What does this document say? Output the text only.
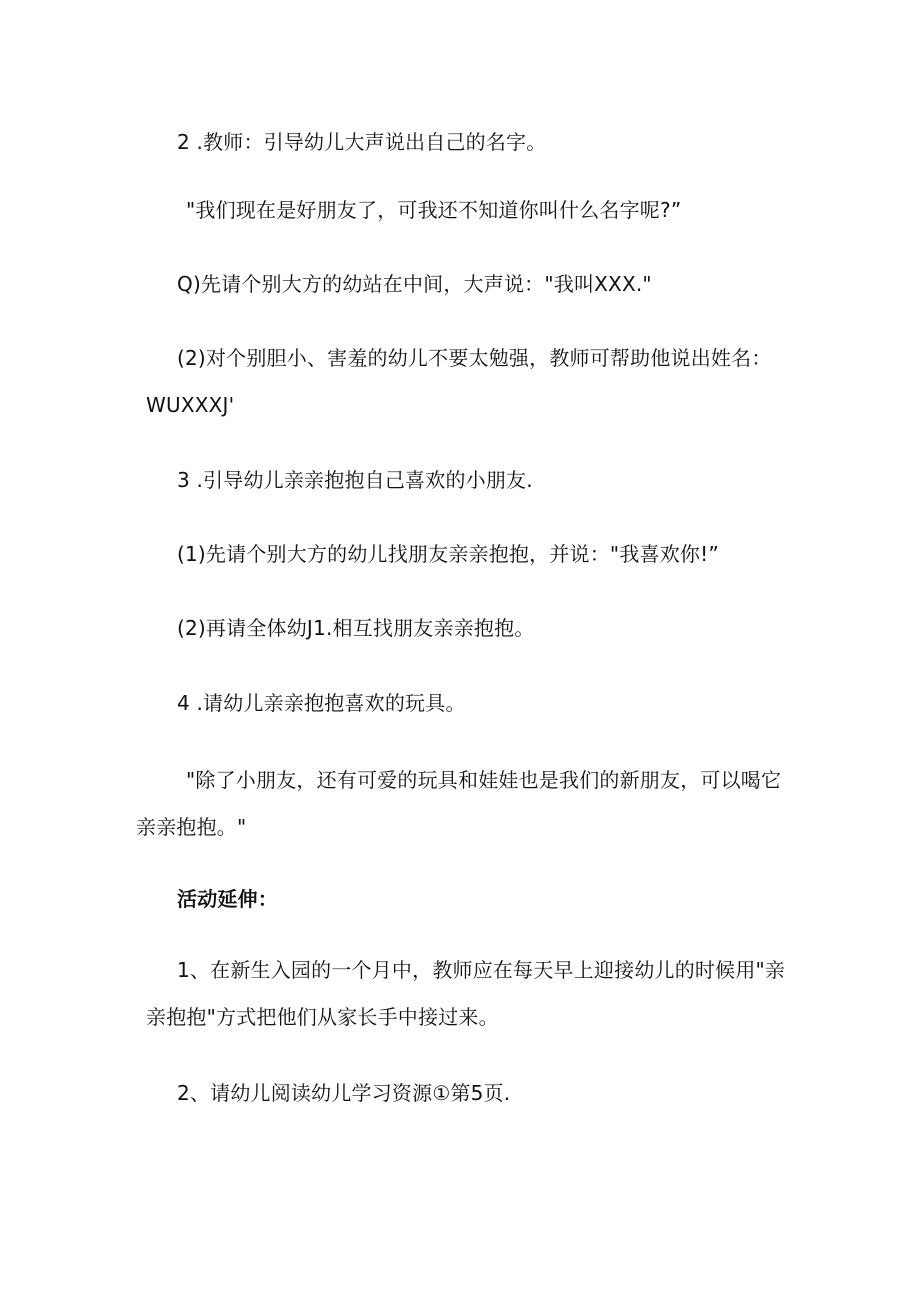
2 .教师：引导幼儿大声说出自己的名字。
"我们现在是好朋友了，可我还不知道你叫什么名字呢?”
Q)先请个别大方的幼站在中间，大声说："我叫XXX."
(2)对个别胆小、害羞的幼儿不要太勉强，教师可帮助他说出姓名：
WUXXXJ'
3 .引导幼儿亲亲抱抱自己喜欢的小朋友.
(1)先请个别大方的幼儿找朋友亲亲抱抱，并说："我喜欢你!”
(2)再请全体幼J1.相互找朋友亲亲抱抱。
4 .请幼儿亲亲抱抱喜欢的玩具。
"除了小朋友，还有可爱的玩具和娃娃也是我们的新朋友，可以喝它
亲亲抱抱。"
活动延伸：
1、在新生入园的一个月中，教师应在每天早上迎接幼儿的时候用"亲
亲抱抱"方式把他们从家长手中接过来。
2、请幼儿阅读幼儿学习资源①第5页.
